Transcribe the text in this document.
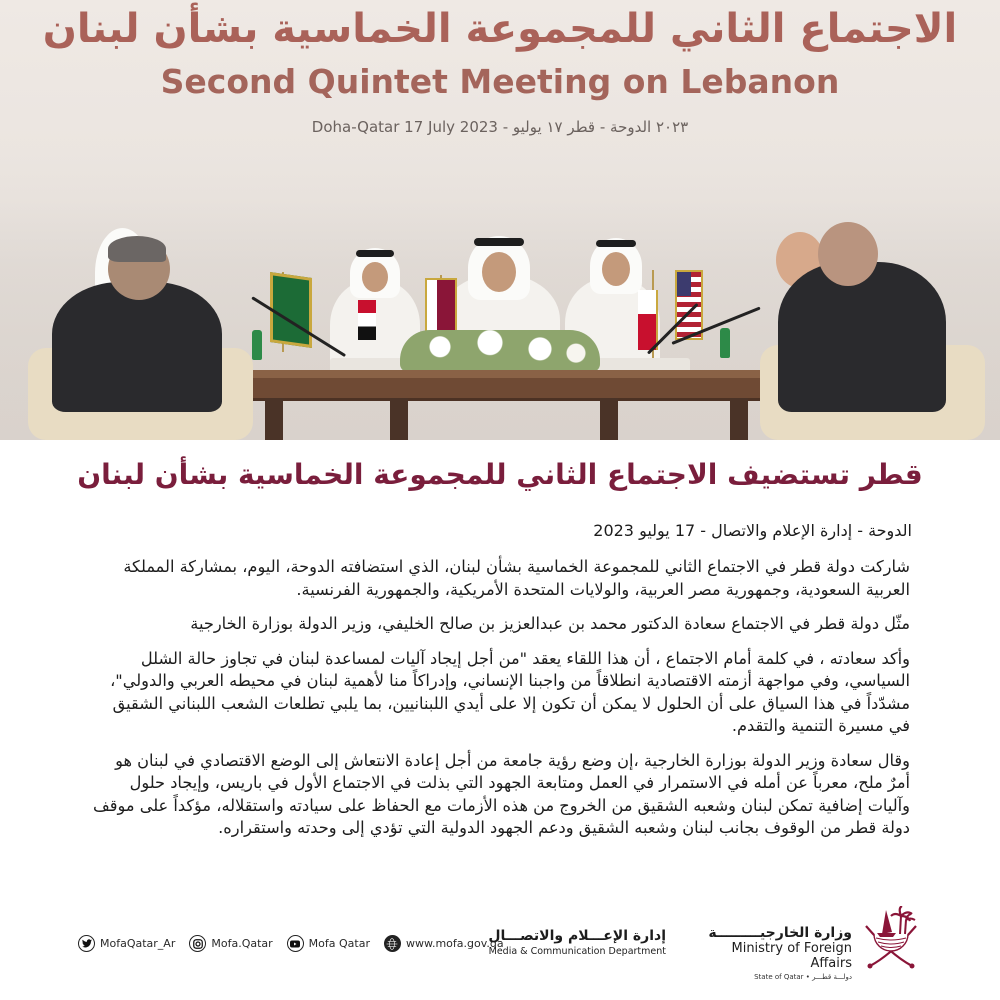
الاجتماع الثاني للمجموعة الخماسية بشأن لبنان
Second Quintet Meeting on Lebanon
Doha-Qatar 17 July 2023 - ٢٠٢٣ الدوحة - قطر ١٧ يوليو
قطر تستضيف الاجتماع الثاني للمجموعة الخماسية بشأن لبنان
الدوحة - إدارة الإعلام والاتصال - 17 يوليو 2023

شاركت دولة قطر في الاجتماع الثاني للمجموعة الخماسية بشأن لبنان، الذي استضافته الدوحة، اليوم، بمشاركة المملكة العربية السعودية، وجمهورية مصر العربية، والولايات المتحدة الأمريكية، والجمهورية الفرنسية.

مثّل دولة قطر في الاجتماع سعادة الدكتور محمد بن عبدالعزيز بن صالح الخليفي، وزير الدولة بوزارة الخارجية

وأكد سعادته ، في كلمة أمام الاجتماع ، أن هذا اللقاء يعقد "من أجل إيجاد آليات لمساعدة لبنان في تجاوز حالة الشلل السياسي، وفي مواجهة أزمته الاقتصادية انطلاقاً من واجبنا الإنساني، وإدراكاً منا لأهمية لبنان في محيطه العربي والدولي"، مشدّداً في هذا السياق على أن الحلول لا يمكن أن تكون إلا على أيدي اللبنانيين، بما يلبي تطلعات الشعب اللبناني الشقيق في مسيرة التنمية والتقدم.

وقال سعادة وزير الدولة بوزارة الخارجية ،إن وضع رؤية جامعة من أجل إعادة الانتعاش إلى الوضع الاقتصادي في لبنان هو أمرٌ ملح، معرباً عن أمله في الاستمرار في العمل ومتابعة الجهود التي بذلت في الاجتماع الأول في باريس، وإيجاد حلول وآليات إضافية تمكن لبنان وشعبه الشقيق من الخروج من هذه الأزمات مع الحفاظ على سيادته واستقلاله، مؤكداً على موقف دولة قطر من الوقوف بجانب لبنان وشعبه الشقيق ودعم الجهود الدولية التي تؤدي إلى وحدته واستقراره.

MofaQatar_Ar	Mofa.Qatar	Mofa Qatar	www.mofa.gov.qa
إدارة الإعـــلام والاتصـــال
Media & Communication Department
وزارة الخارجيـــــــــة
Ministry of Foreign Affairs
State of Qatar • دولـــة قطـــر
